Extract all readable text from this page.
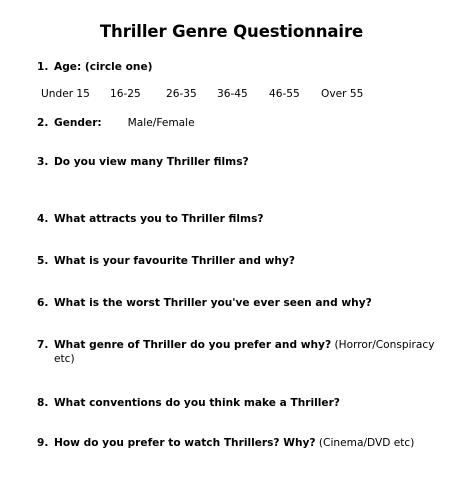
Thriller Genre Questionnaire
1. Age: (circle one)
Under 15 16-25 26-35 36-45 46-55 Over 55
2. Gender: Male/Female
3. Do you view many Thriller films?
4. What attracts you to Thriller films?
5. What is your favourite Thriller and why?
6. What is the worst Thriller you've ever seen and why?
7. What genre of Thriller do you prefer and why? (Horror/Conspiracy
etc)
8. What conventions do you think make a Thriller?
9. How do you prefer to watch Thrillers? Why? (Cinema/DVD etc)
